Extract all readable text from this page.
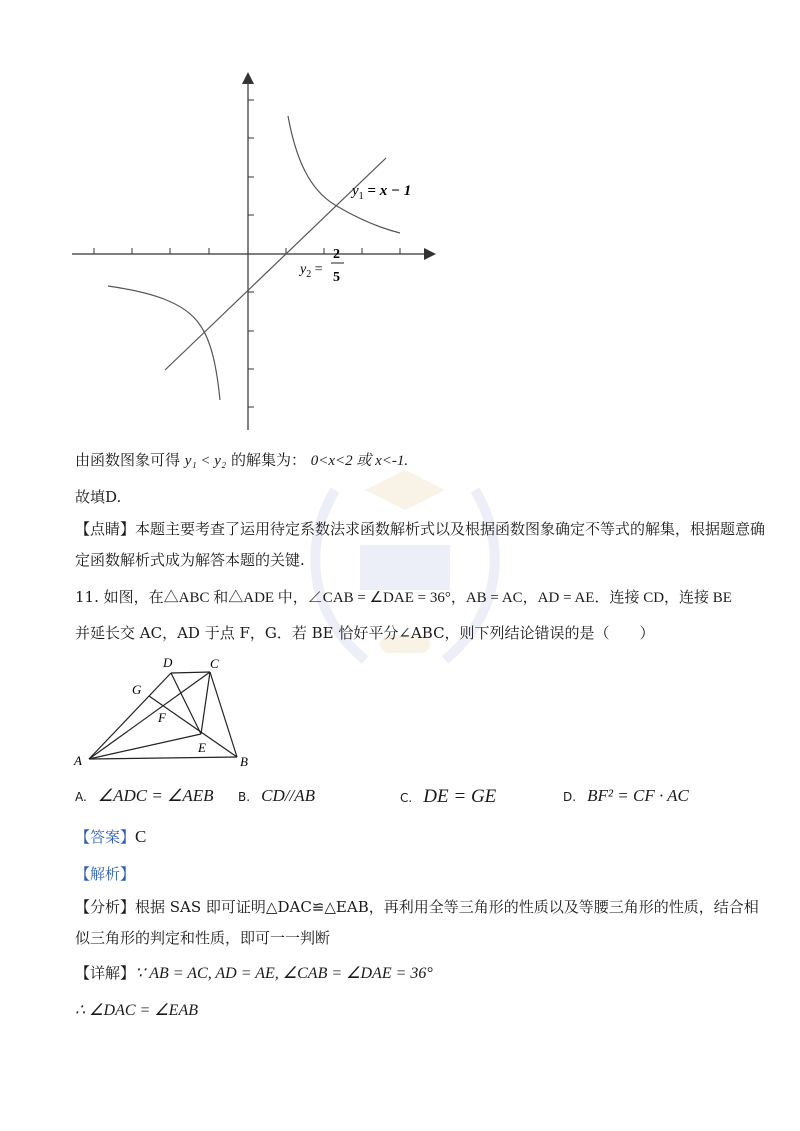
$y_1 = x - 1$
$y_2$ =
2
5
由函数图象可得 y₁ < y₂ 的解集为： 0<x<2 或 x<-1.
故填D.
【点睛】本题主要考查了运用待定系数法求函数解析式以及根据函数图象确定不等式的解集，根据题意确
定函数解析式成为解答本题的关键.
11. 如图，在△ABC 和△ADE 中，∠CAB = ∠DAE = 36°，AB = AC，AD = AE．连接 CD，连接 BE
并延长交 AC，AD 于点 F，G．若 BE 恰好平分∠ABC，则下列结论错误的是（　　）
D	C
G
F
E
A	B
A. ∠ADC = ∠AEB B. CD//AB	C. DE = GE	D. BF² = CF · AC
【答案】C
【解析】
【分析】根据 SAS 即可证明△DAC≌△EAB，再利用全等三角形的性质以及等腰三角形的性质，结合相
似三角形的判定和性质，即可一一判断
【详解】∵ AB = AC, AD = AE, ∠CAB = ∠DAE = 36°
∴ ∠DAC = ∠EAB
